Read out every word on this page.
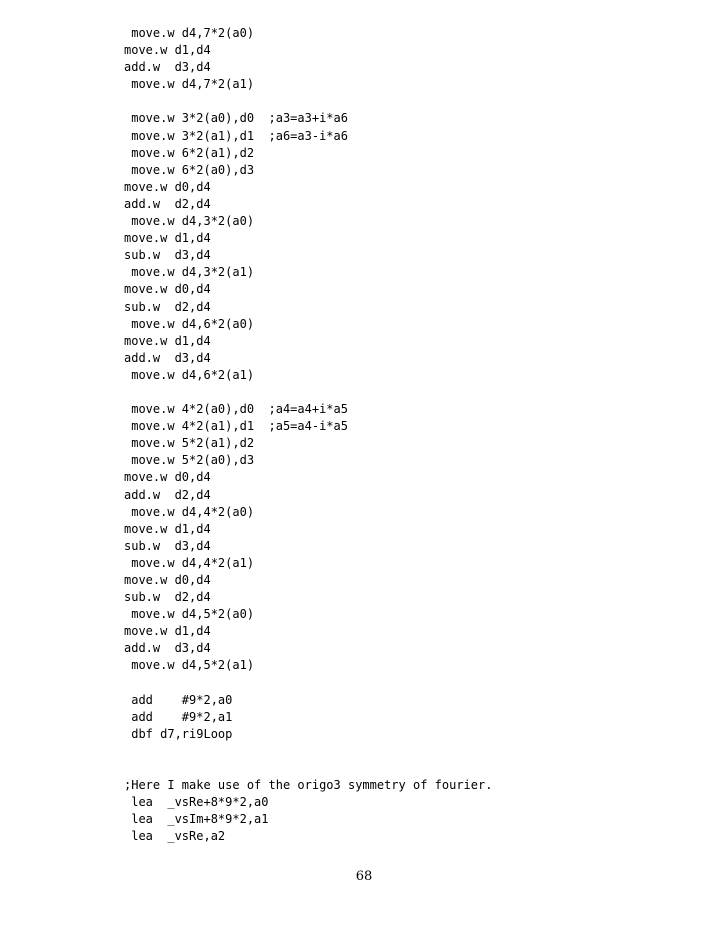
move.w d4,7*2(a0)
move.w d1,d4
add.w  d3,d4
move.w d4,7*2(a1)
move.w 3*2(a0),d0  ;a3=a3+i*a6
move.w 3*2(a1),d1  ;a6=a3-i*a6
move.w 6*2(a1),d2
move.w 6*2(a0),d3
move.w d0,d4
add.w  d2,d4
move.w d4,3*2(a0)
move.w d1,d4
sub.w  d3,d4
move.w d4,3*2(a1)
move.w d0,d4
sub.w  d2,d4
move.w d4,6*2(a0)
move.w d1,d4
add.w  d3,d4
move.w d4,6*2(a1)
move.w 4*2(a0),d0  ;a4=a4+i*a5
move.w 4*2(a1),d1  ;a5=a4-i*a5
move.w 5*2(a1),d2
move.w 5*2(a0),d3
move.w d0,d4
add.w  d2,d4
move.w d4,4*2(a0)
move.w d1,d4
sub.w  d3,d4
move.w d4,4*2(a1)
move.w d0,d4
sub.w  d2,d4
move.w d4,5*2(a0)
move.w d1,d4
add.w  d3,d4
move.w d4,5*2(a1)
add    #9*2,a0
add    #9*2,a1
dbf d7,ri9Loop
;Here I make use of the origo3 symmetry of fourier.
lea  _vsRe+8*9*2,a0
lea  _vsIm+8*9*2,a1
lea  _vsRe,a2
68
